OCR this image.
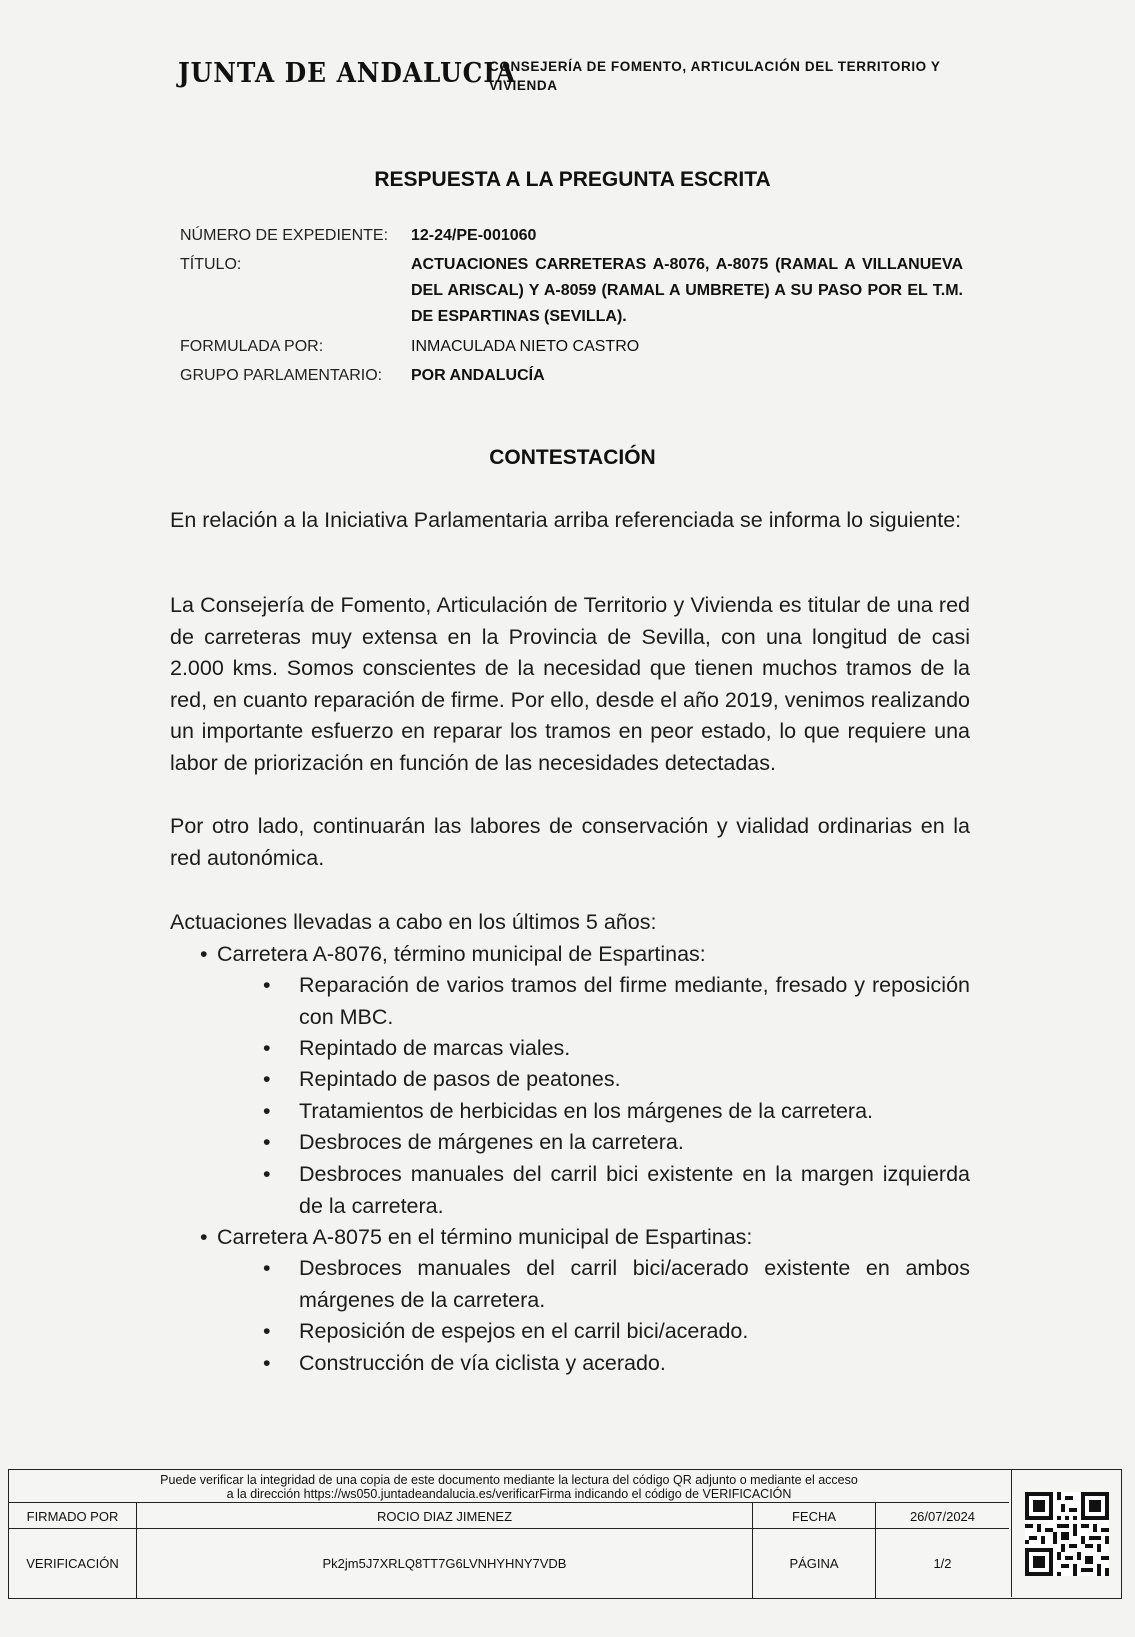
JUNTA DE ANDALUCIA
CONSEJERÍA DE FOMENTO, ARTICULACIÓN DEL TERRITORIO Y VIVIENDA
RESPUESTA A LA PREGUNTA ESCRITA
NÚMERO DE EXPEDIENTE: 12-24/PE-001060
TÍTULO:	ACTUACIONES CARRETERAS A-8076, A-8075 (RAMAL A VILLANUEVA DEL ARISCAL) Y A-8059 (RAMAL A UMBRETE) A SU PASO POR EL T.M. DE ESPARTINAS (SEVILLA).
FORMULADA POR:	INMACULADA NIETO CASTRO
GRUPO PARLAMENTARIO: POR ANDALUCÍA
CONTESTACIÓN
En relación a la Iniciativa Parlamentaria arriba referenciada se informa lo siguiente:
La Consejería de Fomento, Articulación de Territorio y Vivienda es titular de una red de carreteras muy extensa en la Provincia de Sevilla, con una longitud de casi 2.000 kms. Somos conscientes de la necesidad que tienen muchos tramos de la red, en cuanto reparación de firme. Por ello, desde el año 2019, venimos realizando un importante esfuerzo en reparar los tramos en peor estado, lo que requiere una labor de priorización en función de las necesidades detectadas.
Por otro lado, continuarán las labores de conservación y vialidad ordinarias en la red autonómica.
Actuaciones llevadas a cabo en los últimos 5 años:
• Carretera A-8076, término municipal de Espartinas:
• Reparación de varios tramos del firme mediante, fresado y reposición con MBC.
• Repintado de marcas viales.
• Repintado de pasos de peatones.
• Tratamientos de herbicidas en los márgenes de la carretera.
• Desbroces de márgenes en la carretera.
• Desbroces manuales del carril bici existente en la margen izquierda de la carretera.
• Carretera A-8075 en el término municipal de Espartinas:
• Desbroces manuales del carril bici/acerado existente en ambos márgenes de la carretera.
• Reposición de espejos en el carril bici/acerado.
• Construcción de vía ciclista y acerado.
Puede verificar la integridad de una copia de este documento mediante la lectura del código QR adjunto o mediante el acceso
a la dirección https://ws050.juntadeandalucia.es/verificarFirma indicando el código de VERIFICACIÓN
FIRMADO POR	ROCIO DIAZ JIMENEZ	FECHA	26/07/2024
VERIFICACIÓN	Pk2jm5J7XRLQ8TT7G6LVNHYHNY7VDB	PÁGINA	1/2
